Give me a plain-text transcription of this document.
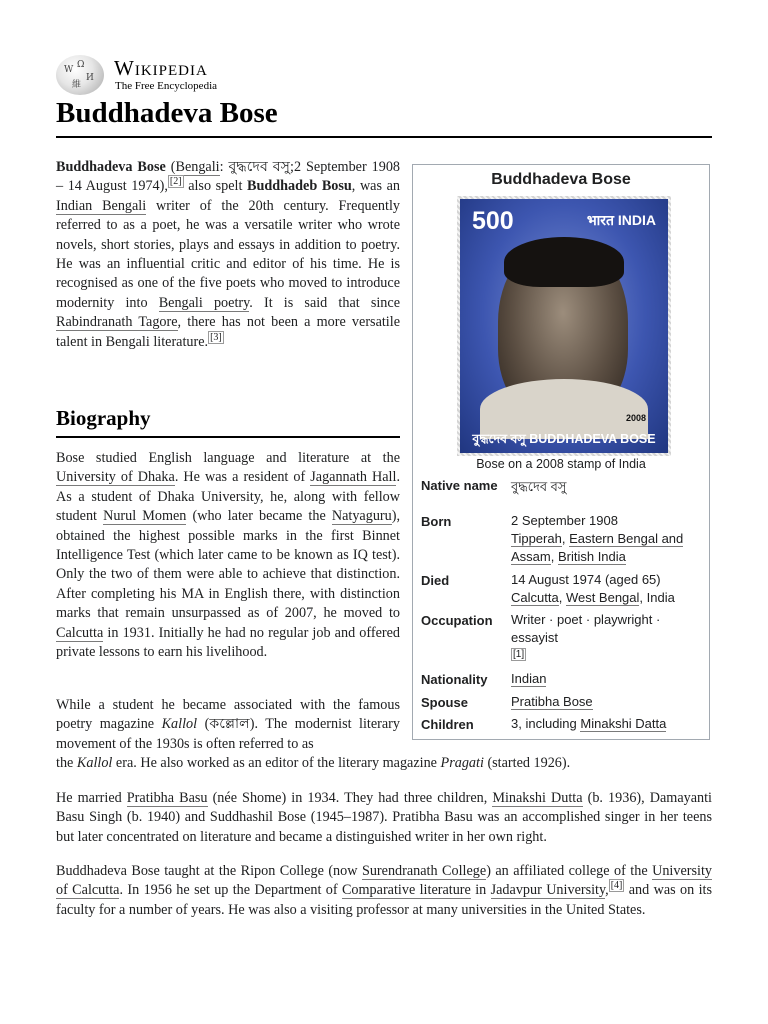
W Ω
И
維
Wikipedia
The Free Encyclopedia
Buddhadeva Bose

Buddhadeva Bose (Bengali: বুদ্ধদেব বসু;2 September 1908 – 14 August 1974), [2] also spelt Buddhadeb Bosu, was an Indian Bengali writer of the 20th century. Frequently referred to as a poet, he was a versatile writer who wrote novels, short stories, plays and essays in addition to poetry. He was an influential critic and editor of his time. He is recognised as one of the five poets who moved to introduce modernity into Bengali poetry. It is said that since Rabindranath Tagore, there has not been a more versatile talent in Bengali literature. [3]

Biography

Bose studied English language and literature at the University of Dhaka. He was a resident of Jagannath Hall. As a student of Dhaka University, he, along with fellow student Nurul Momen (who later became the Natyaguru), obtained the highest possible marks in the first Binnet Intelligence Test (which later came to be known as IQ test). Only the two of them were able to achieve that distinction. After completing his MA in English there, with distinction marks that remain unsurpassed as of 2007, he moved to Calcutta in 1931. Initially he had no regular job and offered private lessons to earn his livelihood.

While a student he became associated with the famous poetry magazine Kallol (কল্লোল). The modernist literary movement of the 1930s is often referred to as

the Kallol era. He also worked as an editor of the literary magazine Pragati (started 1926).

He married Pratibha Basu (née Shome) in 1934. They had three children, Minakshi Dutta (b. 1936), Damayanti Basu Singh (b. 1940) and Suddhashil Bose (1945–1987). Pratibha Basu was an accomplished singer in her teens but later concentrated on literature and became a distinguished writer in her own right.

Buddhadeva Bose taught at the Ripon College (now Surendranath College) an affiliated college of the University of Calcutta. In 1956 he set up the Department of Comparative literature in Jadavpur University, [4] and was on its faculty for a number of years. He was also a visiting professor at many universities in the United States.

Buddhadeva Bose
500	भारत INDIA
2008
বুদ্ধদেব বসু BUDDHADEVA BOSE
Bose on a 2008 stamp of India
Native name	বুদ্ধদেব বসু
Born	2 September 1908
Tipperah, Eastern Bengal and Assam, British India
Died	14 August 1974 (aged 65)
Calcutta, West Bengal, India
Occupation	Writer · poet · playwright · essayist
[1]
Nationality	Indian
Spouse	Pratibha Bose
Children	3, including Minakshi Datta
